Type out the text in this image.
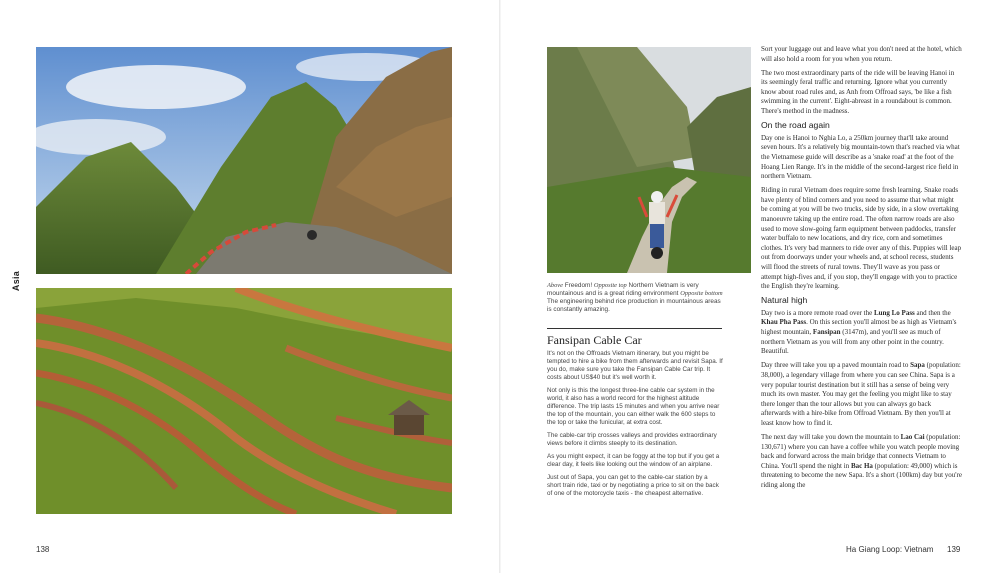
Asia
138
Above Freedom! Opposite top Northern Vietnam is very mountainous and is a great riding environment Opposite bottom The engineering behind rice production in mountainous areas is constantly amazing.
Fansipan Cable Car

It's not on the Offroads Vietnam itinerary, but you might be tempted to hire a bike from them afterwards and revisit Sapa. If you do, make sure you take the Fansipan Cable Car trip. It costs about US$40 but it's well worth it.

Not only is this the longest three-line cable car system in the world, it also has a world record for the highest altitude difference. The trip lasts 15 minutes and when you arrive near the top of the mountain, you can either walk the 600 steps to the top or take the funicular, at extra cost.

The cable-car trip crosses valleys and provides extraordinary views before it climbs steeply to its destination.

As you might expect, it can be foggy at the top but if you get a clear day, it feels like looking out the window of an airplane.

Just out of Sapa, you can get to the cable-car station by a short train ride, taxi or by negotiating a price to sit on the back of one of the motorcycle taxis - the cheapest alternative.

Sort your luggage out and leave what you don't need at the hotel, which will also hold a room for you when you return.

The two most extraordinary parts of the ride will be leaving Hanoi in its seemingly feral traffic and returning. Ignore what you currently know about road rules and, as Anh from Offroad says, 'be like a fish swimming in the current'. Eight-abreast in a roundabout is common. There's method in the madness.

On the road again

Day one is Hanoi to Nghia Lo, a 250km journey that'll take around seven hours. It's a relatively big mountain-town that's reached via what the Vietnamese guide will describe as a 'snake road' at the foot of the Hoang Lien Range. It's in the middle of the second-largest rice field in northern Vietnam.

Riding in rural Vietnam does require some fresh learning. Snake roads have plenty of blind corners and you need to assume that what might be coming at you will be two trucks, side by side, in a slow overtaking manoeuvre taking up the entire road. The often narrow roads are also used to move slow-going farm equipment between paddocks, transfer water buffalo to new locations, and dry rice, corn and sometimes clothes. It's very bad manners to ride over any of this. Puppies will leap out from doorways under your wheels and, at school recess, students will flood the streets of rural towns. They'll wave as you pass or attempt high-fives and, if you stop, they'll engage with you to practice the English they're learning.

Natural high

Day two is a more remote road over the Lung Lo Pass and then the Khau Pha Pass. On this section you'll almost be as high as Vietnam's highest mountain, Fansipan (3147m), and you'll see as much of northern Vietnam as you will from any other point in the country. Beautiful.

Day three will take you up a paved mountain road to Sapa (population: 38,000), a legendary village from where you can see China. Sapa is a very popular tourist destination but it still has a sense of being very much its own master. You may get the feeling you might like to stay there longer than the tour allows but you can always go back afterwards with a hire-bike from Offroad Vietnam. By then you'll at least know how to find it.

The next day will take you down the mountain to Lao Cai (population: 130,671) where you can have a coffee while you watch people moving back and forward across the main bridge that connects Vietnam to China. You'll spend the night in Bac Ha (population: 49,000) which is threatening to become the new Sapa. It's a short (100km) day but you're riding along the

Ha Giang Loop: Vietnam 139
